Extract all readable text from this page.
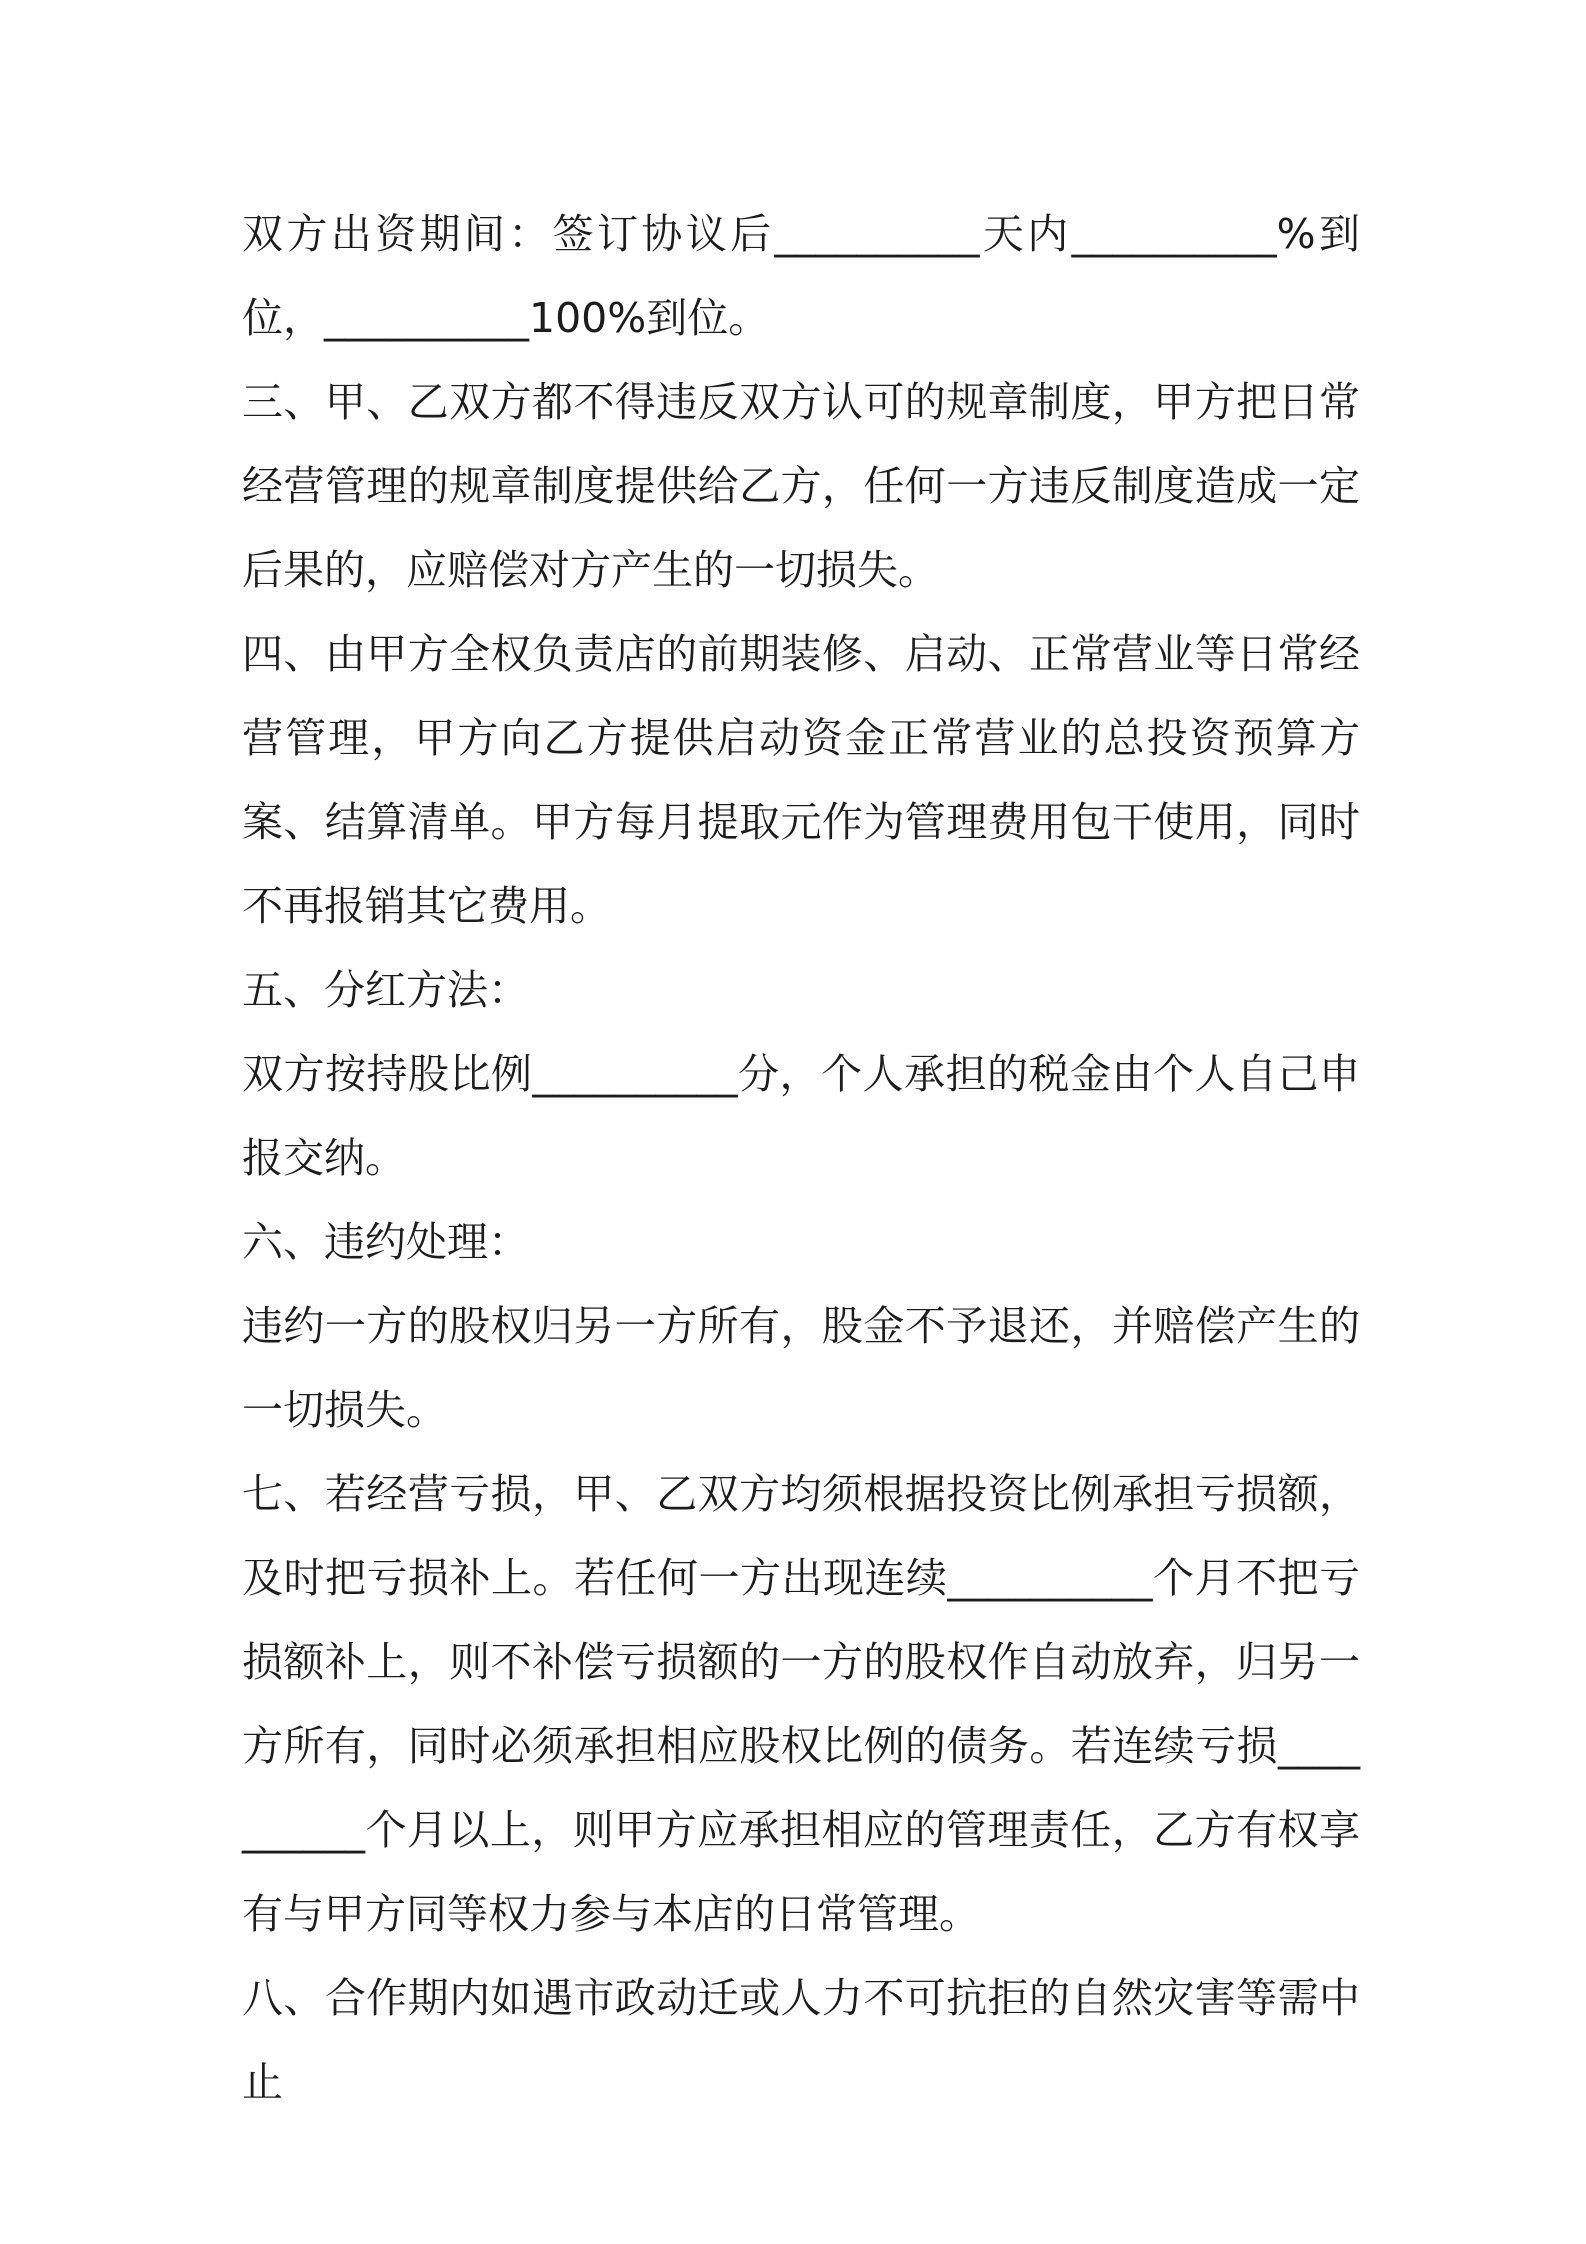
双方出资期间：签订协议后__________天内__________%到位，__________100%到位。

三、甲、乙双方都不得违反双方认可的规章制度，甲方把日常经营管理的规章制度提供给乙方，任何一方违反制度造成一定后果的，应赔偿对方产生的一切损失。

四、由甲方全权负责店的前期装修、启动、正常营业等日常经营管理，甲方向乙方提供启动资金正常营业的总投资预算方案、结算清单。甲方每月提取元作为管理费用包干使用，同时不再报销其它费用。

五、分红方法：

双方按持股比例__________分，个人承担的税金由个人自己申报交纳。

六、违约处理：

违约一方的股权归另一方所有，股金不予退还，并赔偿产生的一切损失。

七、若经营亏损，甲、乙双方均须根据投资比例承担亏损额，及时把亏损补上。若任何一方出现连续__________个月不把亏损额补上，则不补偿亏损额的一方的股权作自动放弃，归另一方所有，同时必须承担相应股权比例的债务。若连续亏损__________个月以上，则甲方应承担相应的管理责任，乙方有权享有与甲方同等权力参与本店的日常管理。

八、合作期内如遇市政动迁或人力不可抗拒的自然灾害等需中止
